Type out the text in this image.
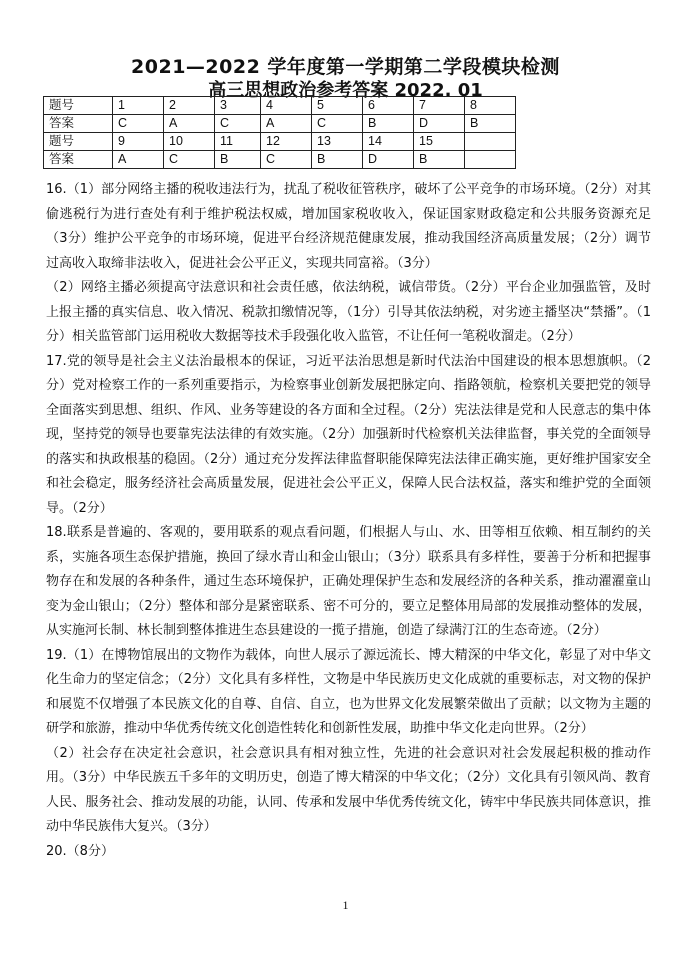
2021—2022 学年度第一学期第二学段模块检测
高三思想政治参考答案 2022. 01
题号	1	2	3	4	5	6	7	8
答案	C	A	C	A	C	B	D	B
题号	9	10	11	12	13	14	15	
答案	A	C	B	C	B	D	B	

16.（1）部分网络主播的税收违法行为，扰乱了税收征管秩序，破坏了公平竞争的市场环境。（2分）对其偷逃税行为进行查处有利于维护税法权威，增加国家税收收入，保证国家财政稳定和公共服务资源充足（3分）维护公平竞争的市场环境，促进平台经济规范健康发展，推动我国经济高质量发展；（2分）调节过高收入取缔非法收入，促进社会公平正义，实现共同富裕。（3分）

（2）网络主播必须提高守法意识和社会责任感，依法纳税，诚信带货。（2分）平台企业加强监管，及时上报主播的真实信息、收入情况、税款扣缴情况等，（1分）引导其依法纳税，对劣迹主播坚决“禁播”。（1分）相关监管部门运用税收大数据等技术手段强化收入监管，不让任何一笔税收溜走。（2分）

17.党的领导是社会主义法治最根本的保证，习近平法治思想是新时代法治中国建设的根本思想旗帜。（2分）党对检察工作的一系列重要指示，为检察事业创新发展把脉定向、指路领航，检察机关要把党的领导全面落实到思想、组织、作风、业务等建设的各方面和全过程。（2分）宪法法律是党和人民意志的集中体现，坚持党的领导也要靠宪法法律的有效实施。（2分）加强新时代检察机关法律监督，事关党的全面领导的落实和执政根基的稳固。（2分）通过充分发挥法律监督职能保障宪法法律正确实施，更好维护国家安全和社会稳定，服务经济社会高质量发展，促进社会公平正义，保障人民合法权益，落实和维护党的全面领导。（2分）

18.联系是普遍的、客观的，要用联系的观点看问题，们根据人与山、水、田等相互依赖、相互制约的关系，实施各项生态保护措施，换回了绿水青山和金山银山；（3分）联系具有多样性，要善于分析和把握事物存在和发展的各种条件，通过生态环境保护，正确处理保护生态和发展经济的各种关系，推动濯濯童山变为金山银山；（2分）整体和部分是紧密联系、密不可分的，要立足整体用局部的发展推动整体的发展，从实施河长制、林长制到整体推进生态县建设的一揽子措施，创造了绿满汀江的生态奇迹。（2分）

19.（1）在博物馆展出的文物作为载体，向世人展示了源远流长、博大精深的中华文化，彰显了对中华文化生命力的坚定信念；（2分）文化具有多样性，文物是中华民族历史文化成就的重要标志，对文物的保护和展览不仅增强了本民族文化的自尊、自信、自立，也为世界文化发展繁荣做出了贡献；以文物为主题的研学和旅游，推动中华优秀传统文化创造性转化和创新性发展，助推中华文化走向世界。（2分）

（2）社会存在决定社会意识，社会意识具有相对独立性，先进的社会意识对社会发展起积极的推动作用。（3分）中华民族五千多年的文明历史，创造了博大精深的中华文化；（2分）文化具有引领风尚、教育人民、服务社会、推动发展的功能，认同、传承和发展中华优秀传统文化，铸牢中华民族共同体意识，推动中华民族伟大复兴。（3分）

20.（8分）

1
